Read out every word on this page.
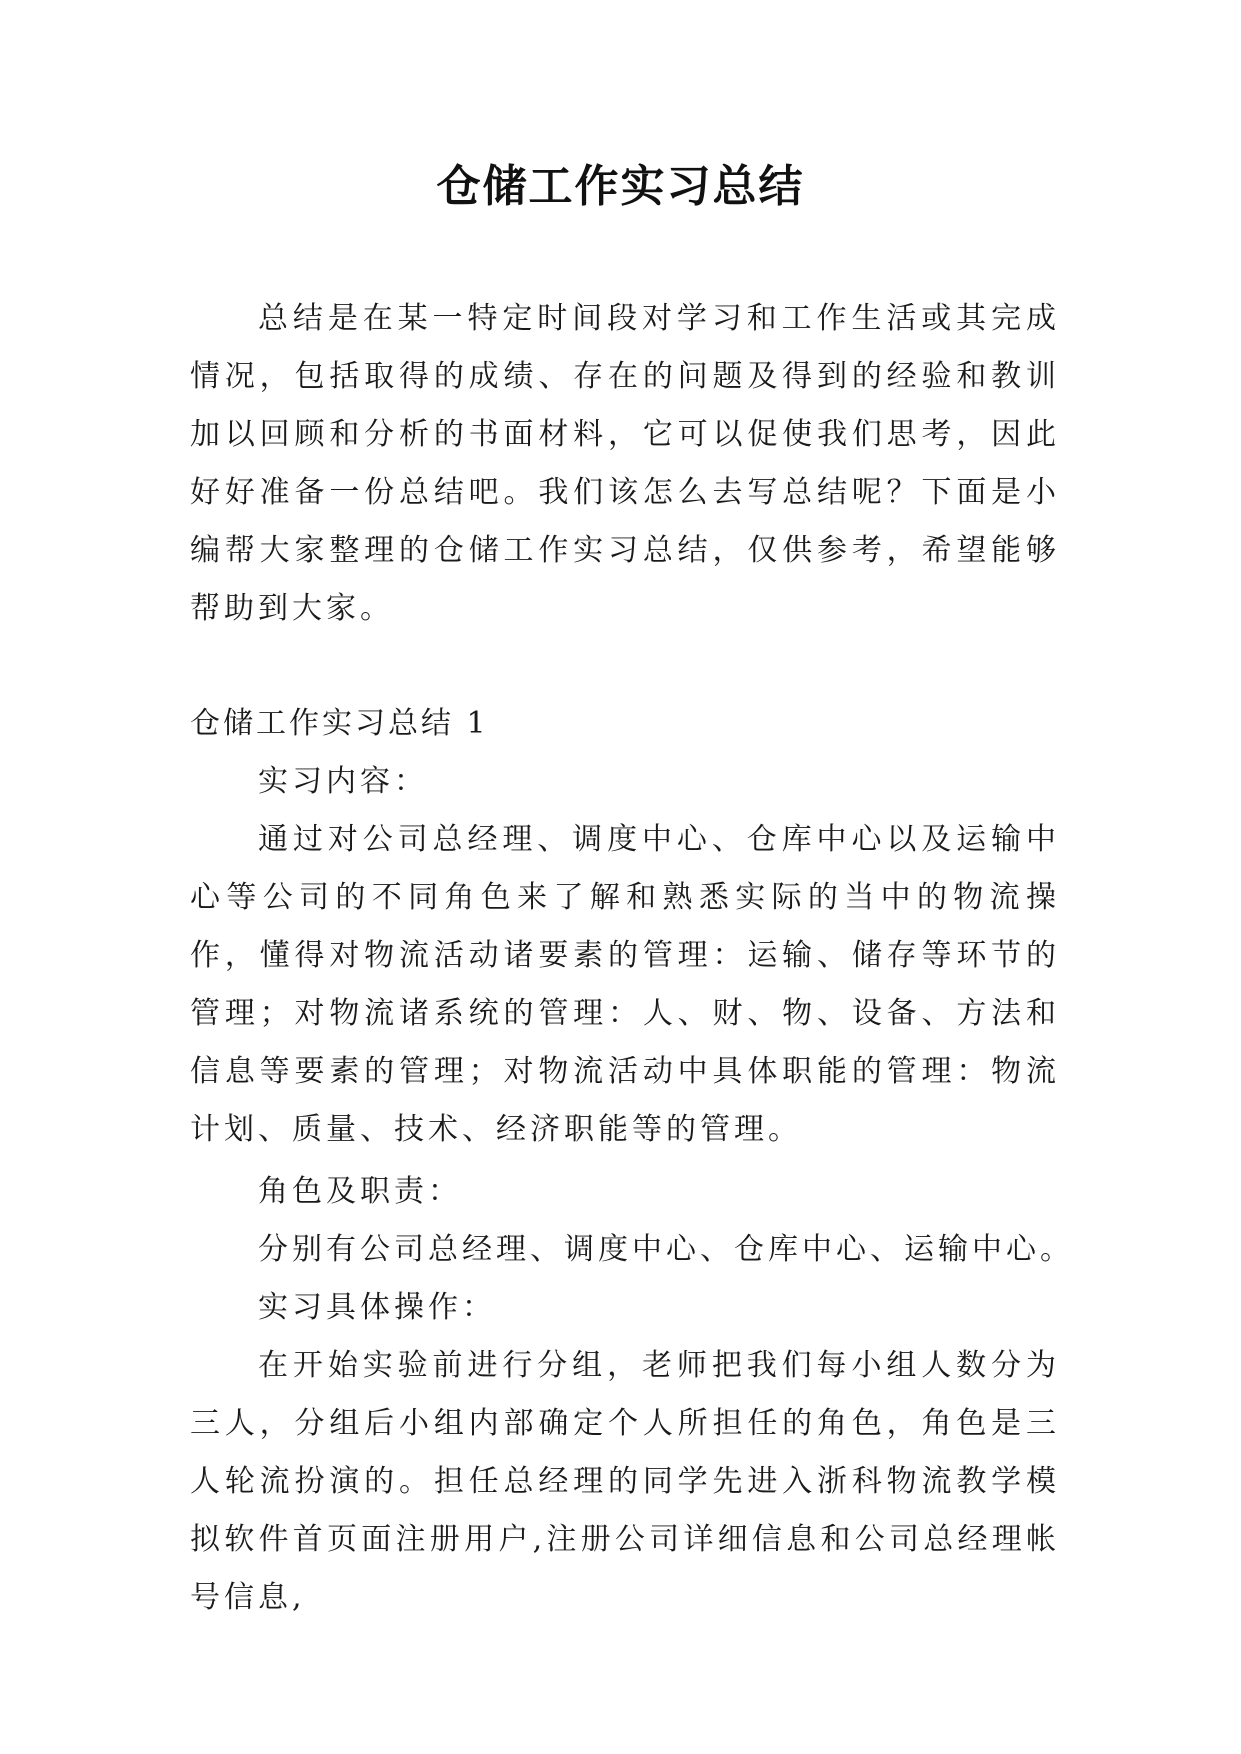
仓储工作实习总结

总结是在某一特定时间段对学习和工作生活或其完成情况，包括取得的成绩、存在的问题及得到的经验和教训加以回顾和分析的书面材料，它可以促使我们思考，因此好好准备一份总结吧。我们该怎么去写总结呢？下面是小编帮大家整理的仓储工作实习总结，仅供参考，希望能够帮助到大家。

仓储工作实习总结 1

实习内容：

通过对公司总经理、调度中心、仓库中心以及运输中心等公司的不同角色来了解和熟悉实际的当中的物流操作，懂得对物流活动诸要素的管理：运输、储存等环节的管理；对物流诸系统的管理：人、财、物、设备、方法和信息等要素的管理；对物流活动中具体职能的管理：物流计划、质量、技术、经济职能等的管理。

角色及职责：

分别有公司总经理、调度中心、仓库中心、运输中心。

实习具体操作：

在开始实验前进行分组，老师把我们每小组人数分为三人，分组后小组内部确定个人所担任的角色，角色是三人轮流扮演的。担任总经理的同学先进入浙科物流教学模拟软件首页面注册用户,注册公司详细信息和公司总经理帐号信息,
